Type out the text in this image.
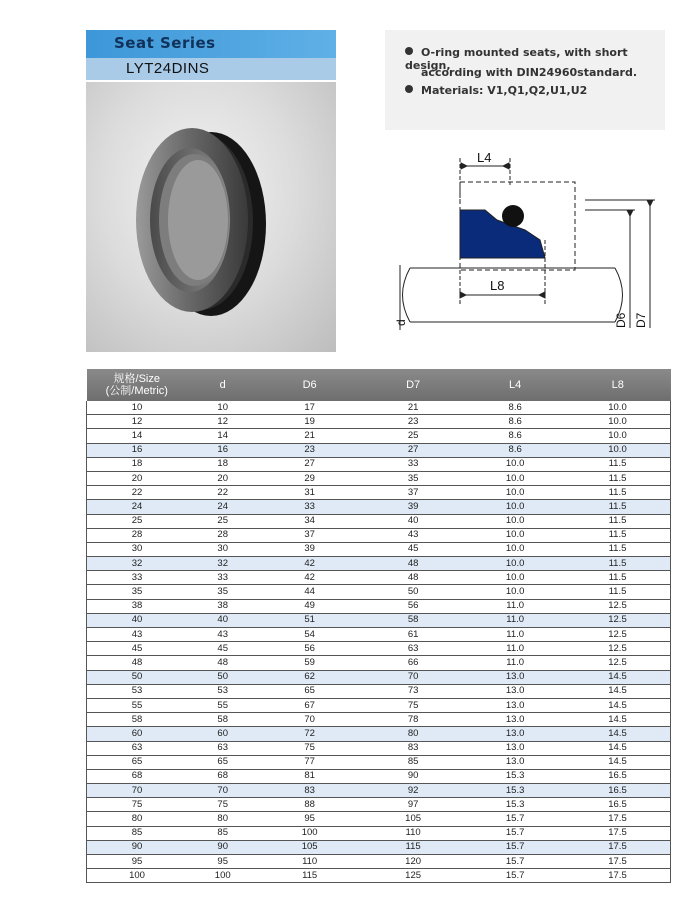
Seat Series
LYT24DINS
O-ring mounted seats, with short design,
according with DIN24960standard.
Materials: V1,Q1,Q2,U1,U2
L4
L8
d	D6 D7
规格/Size
(公制/Metric)	d	D6	D7	L4	L8
10	10	17	21	8.6	10.0
12	12	19	23	8.6	10.0
14	14	21	25	8.6	10.0
16	16	23	27	8.6	10.0
18	18	27	33	10.0	11.5
20	20	29	35	10.0	11.5
22	22	31	37	10.0	11.5
24	24	33	39	10.0	11.5
25	25	34	40	10.0	11.5
28	28	37	43	10.0	11.5
30	30	39	45	10.0	11.5
32	32	42	48	10.0	11.5
33	33	42	48	10.0	11.5
35	35	44	50	10.0	11.5
38	38	49	56	11.0	12.5
40	40	51	58	11.0	12.5
43	43	54	61	11.0	12.5
45	45	56	63	11.0	12.5
48	48	59	66	11.0	12.5
50	50	62	70	13.0	14.5
53	53	65	73	13.0	14.5
55	55	67	75	13.0	14.5
58	58	70	78	13.0	14.5
60	60	72	80	13.0	14.5
63	63	75	83	13.0	14.5
65	65	77	85	13.0	14.5
68	68	81	90	15.3	16.5
70	70	83	92	15.3	16.5
75	75	88	97	15.3	16.5
80	80	95	105	15.7	17.5
85	85	100	110	15.7	17.5
90	90	105	115	15.7	17.5
95	95	110	120	15.7	17.5
100	100	115	125	15.7	17.5
